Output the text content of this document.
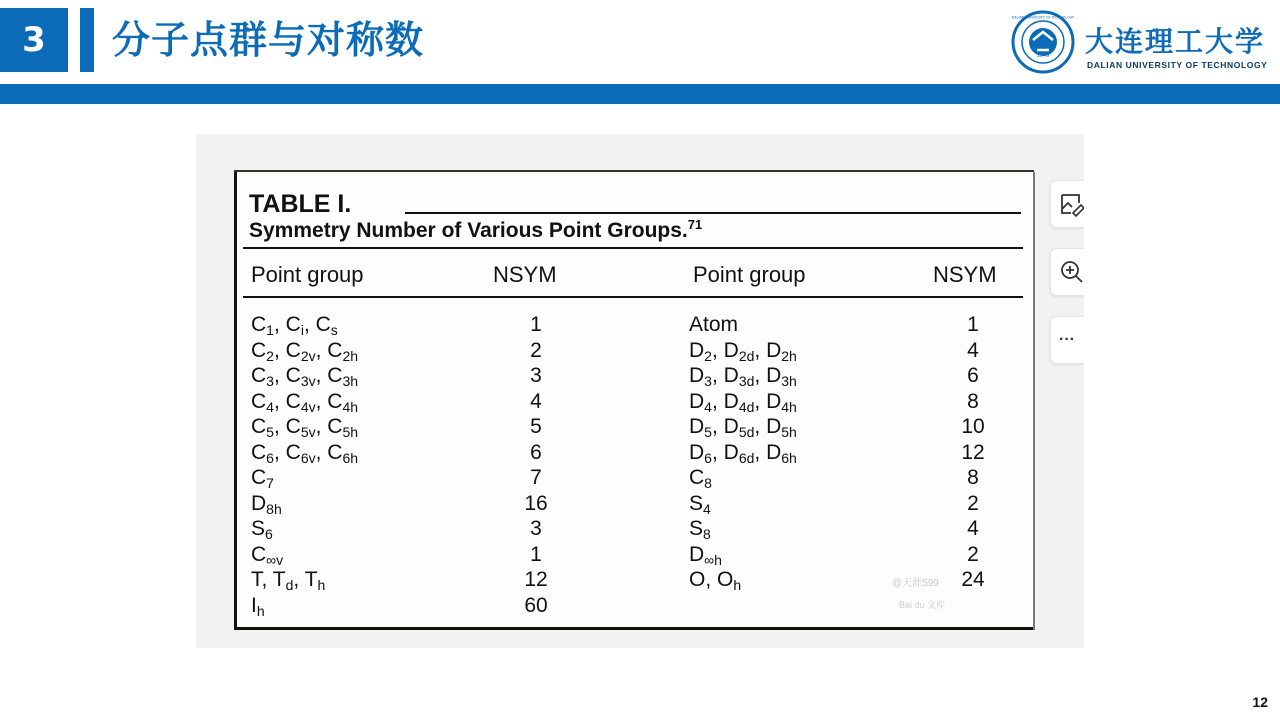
3	分子点群与对称数	1949
DALIAN UNIVERSITY OF TECHNOLOGY
大连理工大学
DALIAN UNIVERSITY OF TECHNOLOGY
TABLE I.
Symmetry Number of Various Point Groups.$^{71}$
Point group	NSYM	Point group	NSYM
$C_1$, $C_i$, $C_s$	1	Atom	1
$C_2$, $C_{2v}$, $C_{2h}$	2	$D_2$, $D_{2d}$, $D_{2h}$	4
$C_3$, $C_{3v}$, $C_{3h}$	3	$D_3$, $D_{3d}$, $D_{3h}$	6
$C_4$, $C_{4v}$, $C_{4h}$	4	$D_4$, $D_{4d}$, $D_{4h}$	8
$C_5$, $C_{5v}$, $C_{5h}$	5	$D_5$, $D_{5d}$, $D_{5h}$	10
$C_6$, $C_{6v}$, $C_{6h}$	6	$D_6$, $D_{6d}$, $D_{6h}$	12
$C_7$	7	$C_8$	8
$D_{8h}$	16	$S_4$	2
$S_6$	3	$S_8$	4
$C_{\infty v}$	1	$D_{\infty h}$	2
T, $T_d$, $T_h$	12	O, $O_h$	24
$I_h$	60
@天涯599
Bai du 文库
···
12
